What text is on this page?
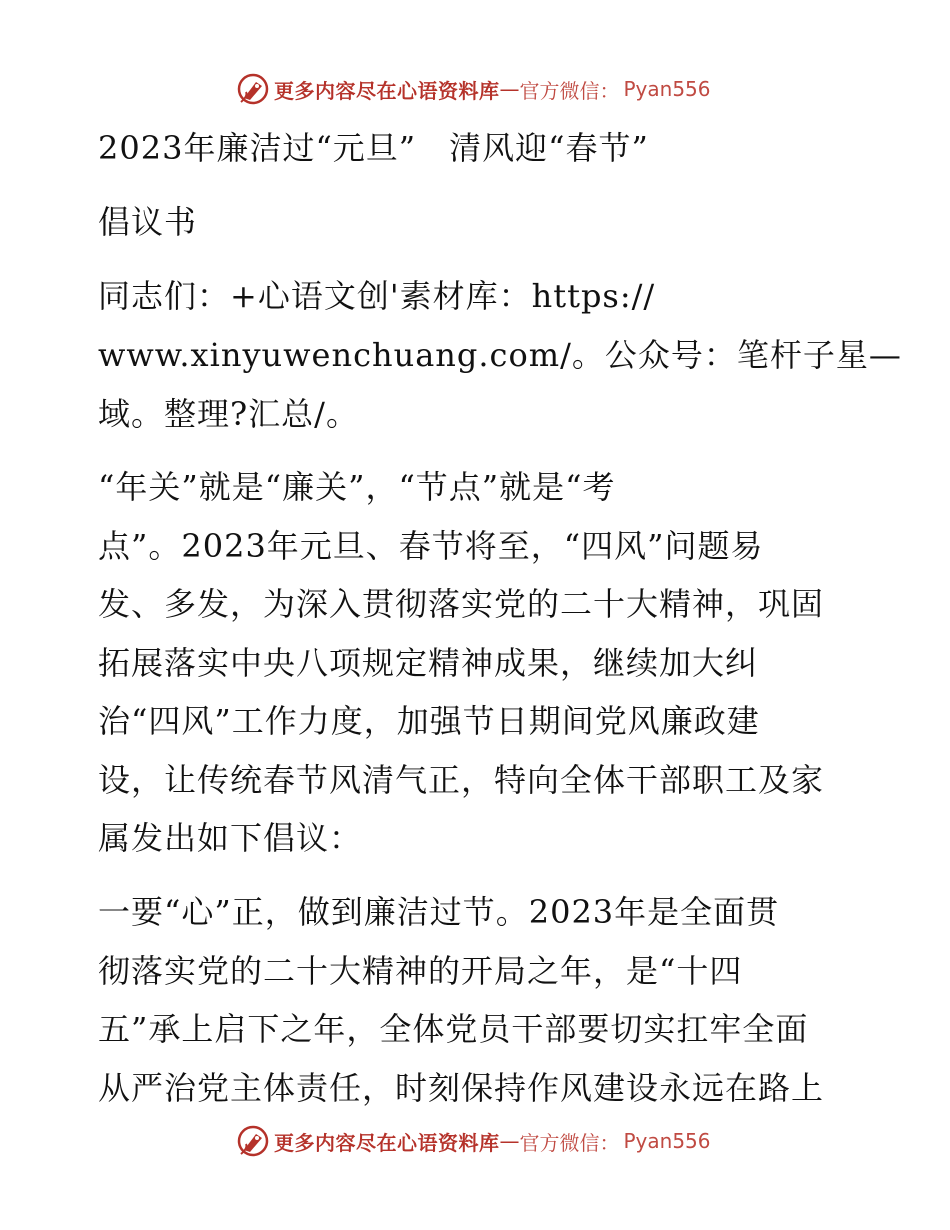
更多内容尽在心语资料库 — 官方微信： Pyan556
2023年廉洁过“元旦”　清风迎“春节”
倡议书
同志们：+心语文创'素材库：https://
www.xinyuwenchuang.com/。公众号：笔杆子星—
域。整理?汇总/。
“年关”就是“廉关”，“节点”就是“考
点”。2023年元旦、春节将至，“四风”问题易
发、多发，为深入贯彻落实党的二十大精神，巩固
拓展落实中央八项规定精神成果，继续加大纠
治“四风”工作力度，加强节日期间党风廉政建
设，让传统春节风清气正，特向全体干部职工及家
属发出如下倡议：
一要“心”正，做到廉洁过节。2023年是全面贯
彻落实党的二十大精神的开局之年，是“十四
五”承上启下之年，全体党员干部要切实扛牢全面
从严治党主体责任，时刻保持作风建设永远在路上
更多内容尽在心语资料库 — 官方微信： Pyan556
